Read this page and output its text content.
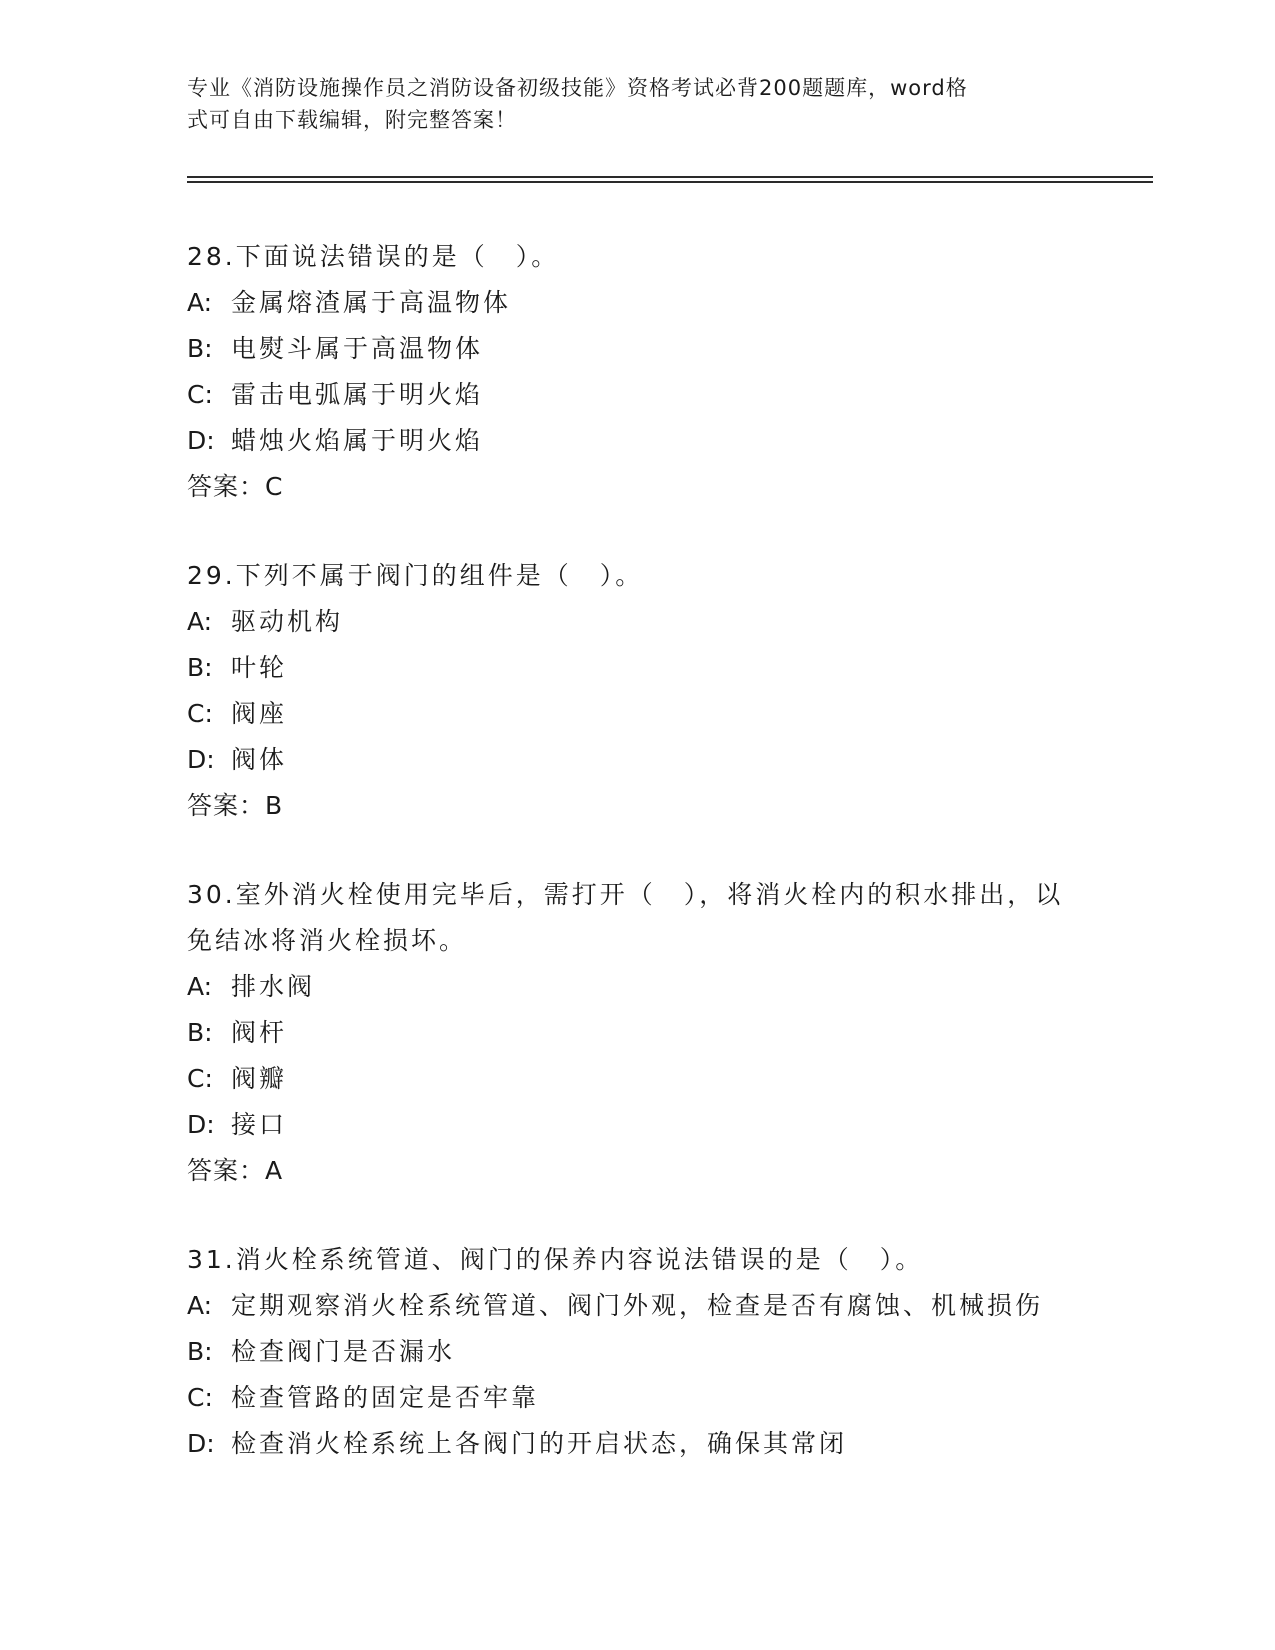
专业《消防设施操作员之消防设备初级技能》资格考试必背200题题库，word格
式可自由下载编辑，附完整答案！
28.下面说法错误的是（　）。
A: 金属熔渣属于高温物体
B: 电熨斗属于高温物体
C: 雷击电弧属于明火焰
D: 蜡烛火焰属于明火焰
答案：C
29.下列不属于阀门的组件是（　）。
A: 驱动机构
B: 叶轮
C: 阀座
D: 阀体
答案：B
30.室外消火栓使用完毕后，需打开（　），将消火栓内的积水排出，以免结冰将消火栓损坏。
A: 排水阀
B: 阀杆
C: 阀瓣
D: 接口
答案：A
31.消火栓系统管道、阀门的保养内容说法错误的是（　）。
A: 定期观察消火栓系统管道、阀门外观，检查是否有腐蚀、机械损伤
B: 检查阀门是否漏水
C: 检查管路的固定是否牢靠
D: 检查消火栓系统上各阀门的开启状态，确保其常闭
